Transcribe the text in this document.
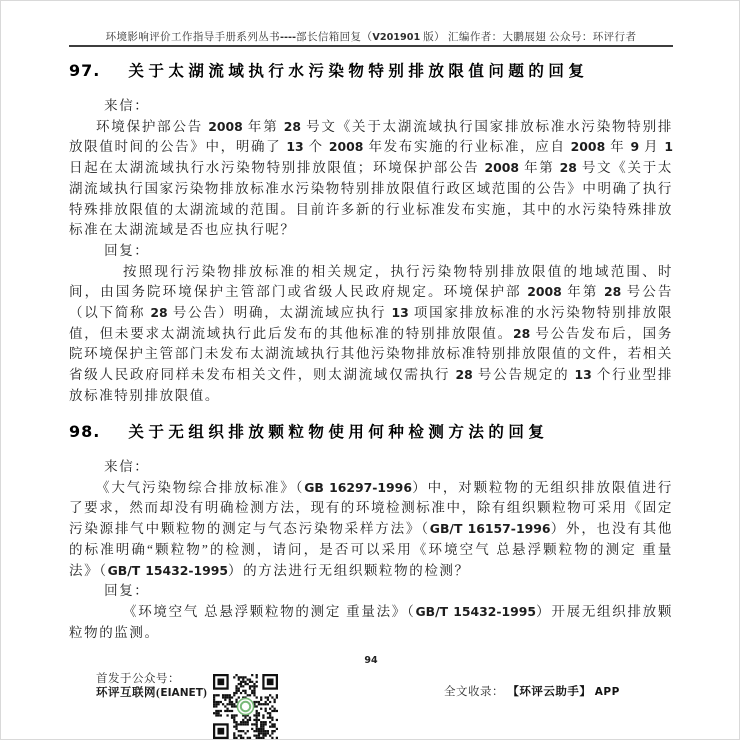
环境影响评价工作指导手册系列丛书----部长信箱回复（V201901 版） 汇编作者：大鹏展翅 公众号：环评行者
97. 关于太湖流域执行水污染物特别排放限值问题的回复
来信：
环境保护部公告 2008 年第 28 号文《关于太湖流域执行国家排放标准水污染物特别排放限值时间的公告》中，明确了 13 个 2008 年发布实施的行业标准，应自 2008 年 9 月 1 日起在太湖流域执行水污染物特别排放限值；环境保护部公告 2008 年第 28 号文《关于太湖流域执行国家污染物排放标准水污染物特别排放限值行政区域范围的公告》中明确了执行特殊排放限值的太湖流域的范围。目前许多新的行业标准发布实施，其中的水污染特殊排放标准在太湖流域是否也应执行呢？
回复：
按照现行污染物排放标准的相关规定，执行污染物特别排放限值的地域范围、时间，由国务院环境保护主管部门或省级人民政府规定。环境保护部 2008 年第 28 号公告（以下简称 28 号公告）明确，太湖流域应执行 13 项国家排放标准的水污染物特别排放限值，但未要求太湖流域执行此后发布的其他标准的特别排放限值。28 号公告发布后，国务院环境保护主管部门未发布太湖流域执行其他污染物排放标准特别排放限值的文件，若相关省级人民政府同样未发布相关文件，则太湖流域仅需执行 28 号公告规定的 13 个行业型排放标准特别排放限值。
98. 关于无组织排放颗粒物使用何种检测方法的回复
来信：
《大气污染物综合排放标准》（GB 16297-1996）中，对颗粒物的无组织排放限值进行了要求，然而却没有明确检测方法，现有的环境检测标准中，除有组织颗粒物可采用《固定污染源排气中颗粒物的测定与气态污染物采样方法》（GB/T 16157-1996）外，也没有其他的标准明确“颗粒物”的检测，请问，是否可以采用《环境空气 总悬浮颗粒物的测定 重量法》（GB/T 15432-1995）的方法进行无组织颗粒物的检测？
回复：
《环境空气 总悬浮颗粒物的测定 重量法》（GB/T 15432-1995）开展无组织排放颗粒物的监测。
94
首发于公众号：
环评互联网(EIANET)	全文收录： 【环评云助手】 APP
